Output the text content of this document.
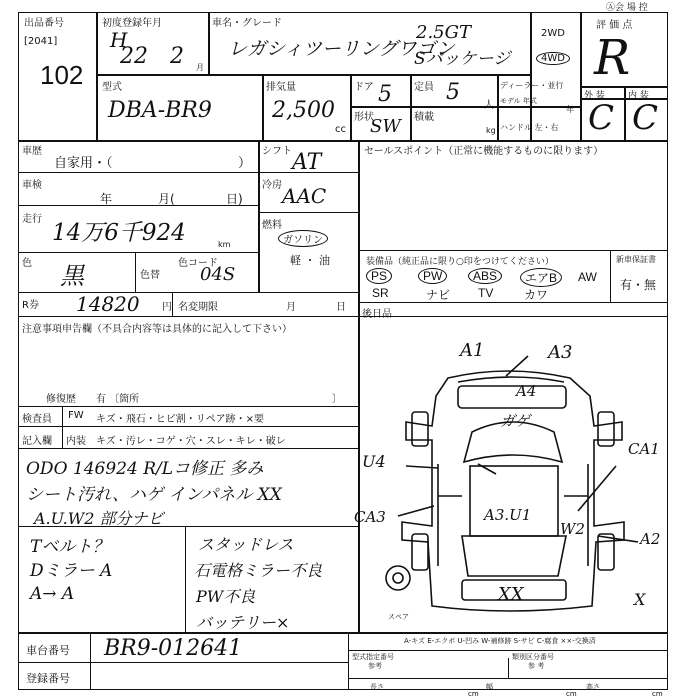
出品番号
[2041]
102
初度登録年月
H
22 2 月
車名・グレード
レガシィツーリングワゴン
2.5GT
Sパッケージ
2WD
4WD
Ⓐ会 場 控
評 価 点
R
外 装	内 装
C C
型式
DBA-BR9
排気量
2,500
cc
ドア 5 定員 5
人
ディーラー・並行
モデル 年式
年
形状
SW 積載
kg ハンドル 左・右
車歴
自家用・（	）
車検
年	月(	日)
走行
14万6千924	km
色 黒	色替
色コード
04S
R券 14820 円 名変期限	月	日
シフト AT
冷房 AAC
燃料
ガソリン
軽 ・ 油
セールスポイント（正常に機能するものに限ります）
装備品（純正品に限り○印をつけてください）	新車保証書
有・無
PS	PW	ABS	エアB	AW
SR	ナビ TV	カワ
後日品
注意事項申告欄（不具合内容等は具体的に記入して下さい）
修復歴 有 〔箇所	〕
検査員
記入欄
FW キズ・飛石・ヒビ割・リペア跡・×要
内装 キズ・汚レ・コゲ・穴・スレ・キレ・破レ
ODO 146924 R/Lコ修正 多み
シート汚れ、ハゲ インパネル XX
A.U.W2 部分ナビ
Tベルト？
Dミラー A
A→ A
スタッドレス
石電格ミラー不良
PW不良
バッテリー×
A1	A3
A4
ガゲ
U4
CA3	A3.U1
W2
CA1
A2
XX	X
スペア
車台番号 BR9-012641
登録番号
A-キズ E-エクボ U-凹み W-補修跡 S-サビ C-腐食 ××-交換済
型式指定番号
参考
類別区分番号
参 考
長さ	幅	高さ
cm	cm	cm
